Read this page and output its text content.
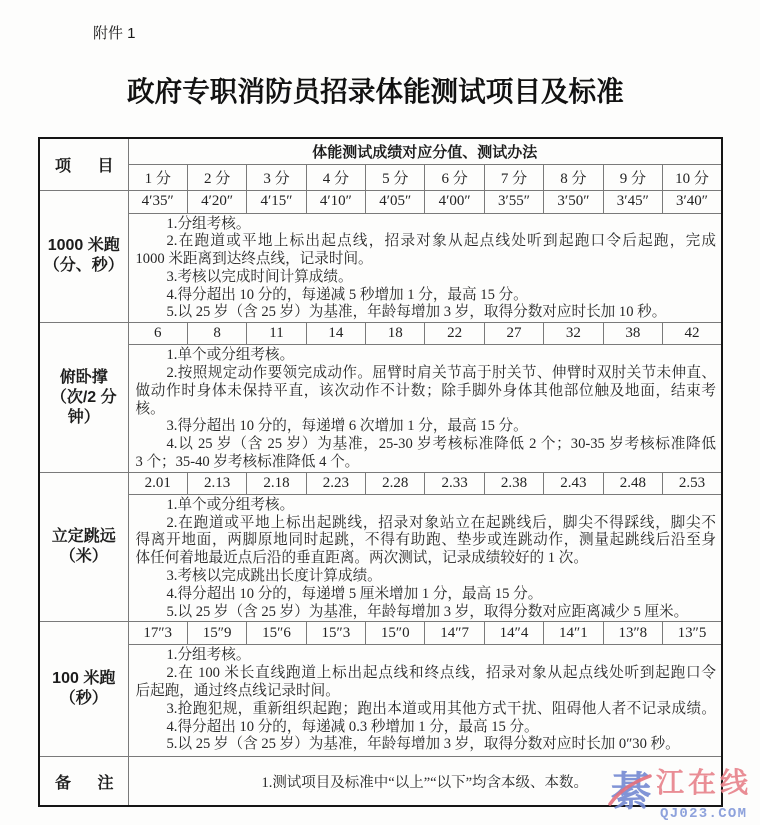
附件 1
政府专职消防员招录体能测试项目及标准
项 目	体能测试成绩对应分值、测试办法									
	1 分	2 分	3 分	4 分	5 分	6 分	7 分	8 分	9 分	10 分

1000 米跑
（分、秒）	4′35″	4′20″	4′15″	4′10″	4′05″	4′00″	3′55″	3′50″	3′45″	3′40″

1.分组考核。
2.在跑道或平地上标出起点线，招录对象从起点线处听到起跑口令后起跑，完成
1000 米距离到达终点线，记录时间。
3.考核以完成时间计算成绩。
4.得分超出 10 分的，每递减 5 秒增加 1 分，最高 15 分。
5.以 25 岁（含 25 岁）为基准，年龄每增加 3 岁，取得分数对应时长加 10 秒。

俯卧撑
（次/2 分
钟）	6	8	11	14	18	22	27	32	38	42

1.单个或分组考核。
2.按照规定动作要领完成动作。屈臂时肩关节高于肘关节、伸臂时双肘关节未伸直、
做动作时身体未保持平直，该次动作不计数；除手脚外身体其他部位触及地面，结束考
核。
3.得分超出 10 分的，每递增 6 次增加 1 分，最高 15 分。
4.以 25 岁（含 25 岁）为基准，25-30 岁考核标准降低 2 个；30-35 岁考核标准降低
3 个；35-40 岁考核标准降低 4 个。

立定跳远
（米）	2.01	2.13	2.18	2.23	2.28	2.33	2.38	2.43	2.48	2.53

1.单个或分组考核。
2.在跑道或平地上标出起跳线，招录对象站立在起跳线后，脚尖不得踩线，脚尖不
得离开地面，两脚原地同时起跳，不得有助跑、垫步或连跳动作，测量起跳线后沿至身
体任何着地最近点后沿的垂直距离。两次测试，记录成绩较好的 1 次。
3.考核以完成跳出长度计算成绩。
4.得分超出 10 分的，每递增 5 厘米增加 1 分，最高 15 分。
5.以 25 岁（含 25 岁）为基准，年龄每增加 3 岁，取得分数对应距离减少 5 厘米。

100 米跑
（秒）	17″3	15″9	15″6	15″3	15″0	14″7	14″4	14″1	13″8	13″5

1.分组考核。
2.在 100 米长直线跑道上标出起点线和终点线，招录对象从起点线处听到起跑口令
后起跑，通过终点线记录时间。
3.抢跑犯规，重新组织起跑；跑出本道或用其他方式干扰、阻碍他人者不记录成绩。
4.得分超出 10 分的，每递减 0.3 秒增加 1 分，最高 15 分。
5.以 25 岁（含 25 岁）为基准，年龄每增加 3 岁，取得分数对应时长加 0″30 秒。

备 注	1.测试项目及标准中“以上”“以下”均含本级、本数。									綦 江在线
QJ023.COM
